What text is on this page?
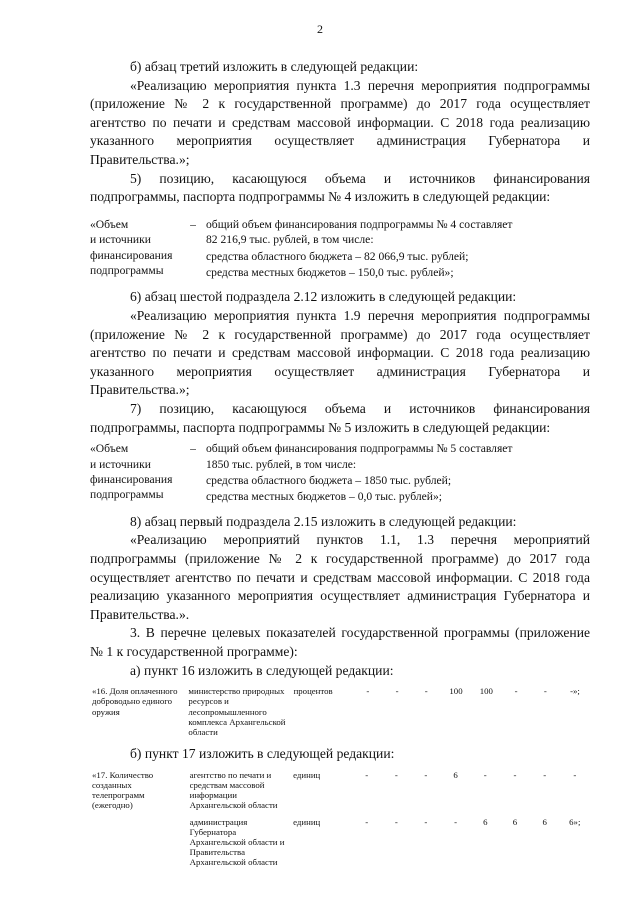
2

б) абзац третий изложить в следующей редакции:

«Реализацию мероприятия пункта 1.3 перечня мероприятия подпрограммы (приложение № 2 к государственной программе) до 2017 года осуществляет агентство по печати и средствам массовой информации. С 2018 года реализацию указанного мероприятия осуществляет администрация Губернатора и Правительства.»;

5) позицию, касающуюся объема и источников финансирования подпрограммы, паспорта подпрограммы № 4 изложить в следующей редакции:

«Объем
и источники
финансирования
подпрограммы
– общий объем финансирования подпрограммы № 4 составляет
82 216,9 тыс. рублей, в том числе:
средства областного бюджета – 82 066,9 тыс. рублей;
средства местных бюджетов – 150,0 тыс. рублей»;

6) абзац шестой подраздела 2.12 изложить в следующей редакции:

«Реализацию мероприятия пункта 1.9 перечня мероприятия подпрограммы (приложение № 2 к государственной программе) до 2017 года осуществляет агентство по печати и средствам массовой информации. С 2018 года реализацию указанного мероприятия осуществляет администрация Губернатора и Правительства.»;

7) позицию, касающуюся объема и источников финансирования подпрограммы, паспорта подпрограммы № 5 изложить в следующей редакции:

«Объем
и источники
финансирования
подпрограммы
– общий объем финансирования подпрограммы № 5 составляет
1850 тыс. рублей, в том числе:
средства областного бюджета – 1850 тыс. рублей;
средства местных бюджетов – 0,0 тыс. рублей»;

8) абзац первый подраздела 2.15 изложить в следующей редакции:

«Реализацию мероприятий пунктов 1.1, 1.3 перечня мероприятий подпрограммы (приложение № 2 к государственной программе) до 2017 года осуществляет агентство по печати и средствам массовой информации. С 2018 года реализацию указанного мероприятия осуществляет администрация Губернатора и Правительства.».

3. В перечне целевых показателей государственной программы (приложение № 1 к государственной программе):

а) пункт 16 изложить в следующей редакции:

«16. Доля оплаченного доброводьно единого оружия	министерство природных ресурсов и лесопромышленного комплекса Архангельской области	процентов	-	-	-	100	100	-	-	-»;

б) пункт 17 изложить в следующей редакции:

«17. Количество созданных телепрограмм (ежегодно)	агентство по печати и средствам массовой информации Архангельской области	единиц	-	-	-	6	-	-	-	-

	администрация Губернатора Архангельской области и Правительства Архангельской области	единиц	-	-	-	-	6	6	6	6»;
